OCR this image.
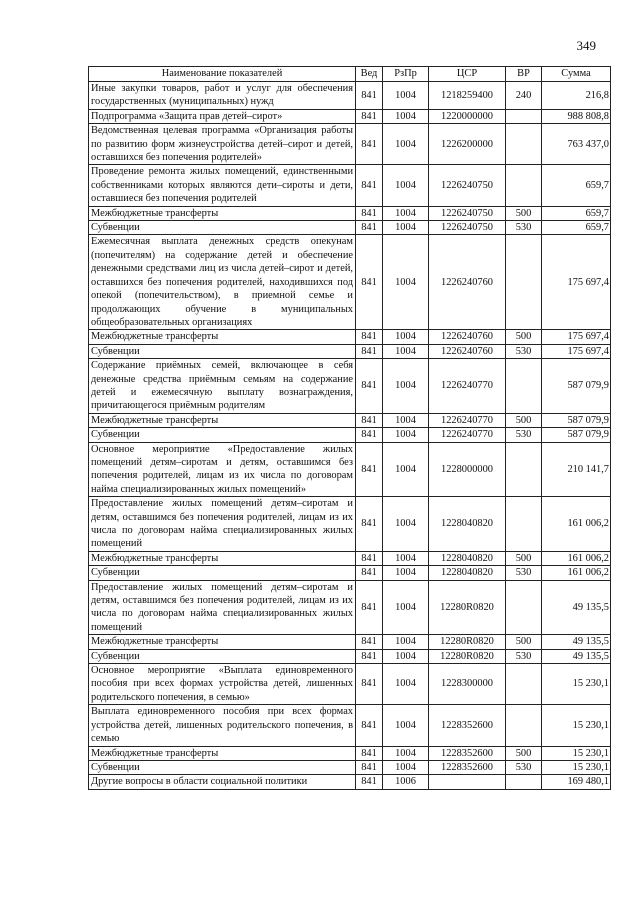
349
Наименование показателей	Вед	РзПр	ЦСР	ВР	Сумма
Иные закупки товаров, работ и услуг для обеспечения государственных (муниципальных) нужд	841	1004	1218259400	240	216,8
Подпрограмма «Защита прав детей–сирот»	841	1004	1220000000		988 808,8
Ведомственная целевая программа «Организация работы по развитию форм жизнеустройства детей–сирот и детей, оставшихся без попечения родителей»	841	1004	1226200000		763 437,0
Проведение ремонта жилых помещений, единственными собственниками которых являются дети–сироты и дети, оставшиеся без попечения родителей	841	1004	1226240750		659,7
Межбюджетные трансферты	841	1004	1226240750	500	659,7
Субвенции	841	1004	1226240750	530	659,7
Ежемесячная выплата денежных средств опекунам (попечителям) на содержание детей и обеспечение денежными средствами лиц из числа детей–сирот и детей, оставшихся без попечения родителей, находившихся под опекой (попечительством), в приемной семье и продолжающих обучение в муниципальных общеобразовательных организациях	841	1004	1226240760		175 697,4
Межбюджетные трансферты	841	1004	1226240760	500	175 697,4
Субвенции	841	1004	1226240760	530	175 697,4
Содержание приёмных семей, включающее в себя денежные средства приёмным семьям на содержание детей и ежемесячную выплату вознаграждения, причитающегося приёмным родителям	841	1004	1226240770		587 079,9
Межбюджетные трансферты	841	1004	1226240770	500	587 079,9
Субвенции	841	1004	1226240770	530	587 079,9
Основное мероприятие «Предоставление жилых помещений детям–сиротам и детям, оставшимся без попечения родителей, лицам из их числа по договорам найма специализированных жилых помещений»	841	1004	1228000000		210 141,7
Предоставление жилых помещений детям–сиротам и детям, оставшимся без попечения родителей, лицам из их числа по договорам найма специализированных жилых помещений	841	1004	1228040820		161 006,2
Межбюджетные трансферты	841	1004	1228040820	500	161 006,2
Субвенции	841	1004	1228040820	530	161 006,2
Предоставление жилых помещений детям–сиротам и детям, оставшимся без попечения родителей, лицам из их числа по договорам найма специализированных жилых помещений	841	1004	12280R0820		49 135,5
Межбюджетные трансферты	841	1004	12280R0820	500	49 135,5
Субвенции	841	1004	12280R0820	530	49 135,5
Основное мероприятие «Выплата единовременного пособия при всех формах устройства детей, лишенных родительского попечения, в семью»	841	1004	1228300000		15 230,1
Выплата единовременного пособия при всех формах устройства детей, лишенных родительского попечения, в семью	841	1004	1228352600		15 230,1
Межбюджетные трансферты	841	1004	1228352600	500	15 230,1
Субвенции	841	1004	1228352600	530	15 230,1
Другие вопросы в области социальной политики	841	1006			169 480,1
